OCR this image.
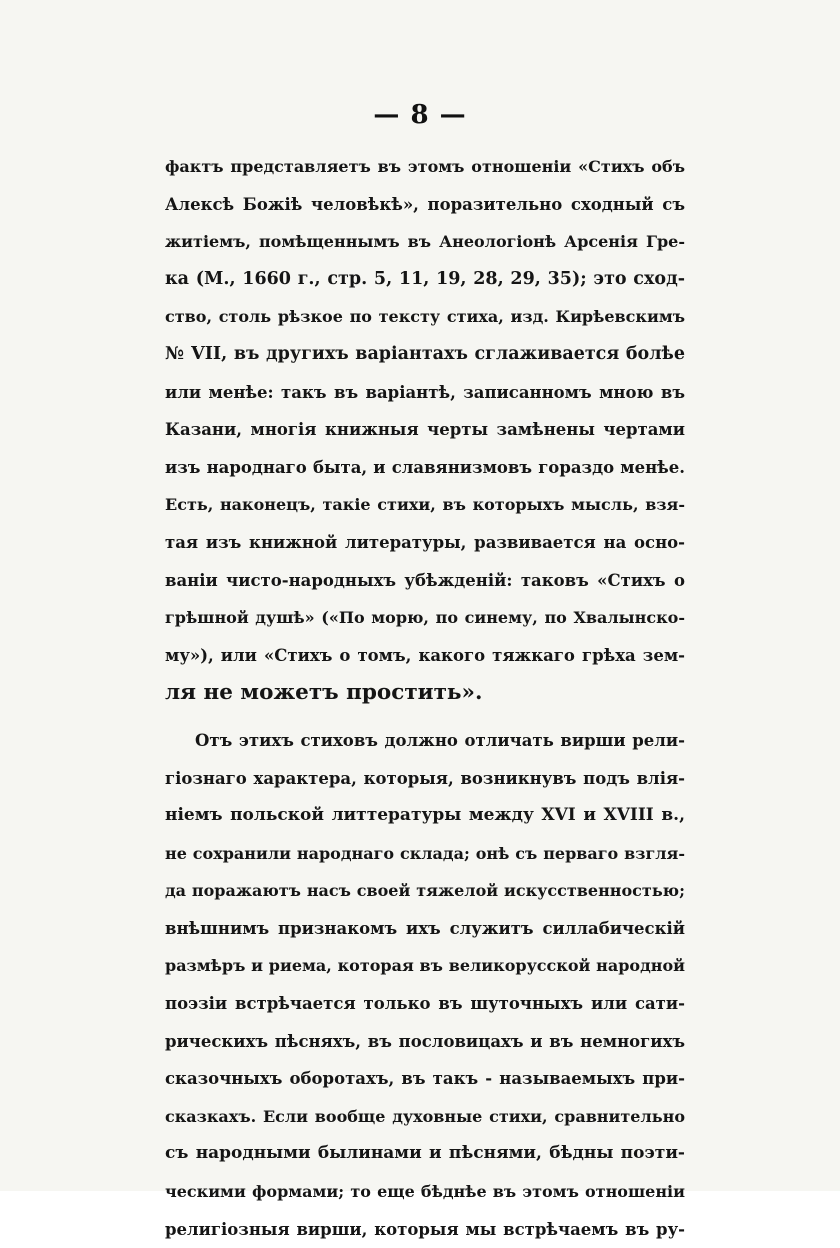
— 8 —
фактъ представляетъ въ этомъ отношенiи «Стихъ объ
Алексѣ Божiѣ человѣкѣ», поразительно сходный съ
житiемъ, помѣщеннымъ въ Анеологiонѣ Арсенiя Гре-
ка (М., 1660 г., стр. 5, 11, 19, 28, 29, 35); это сход-
ство, столь рѣзкое по тексту стиха, изд. Кирѣевскимъ
№ VII, въ другихъ варiантахъ сглаживается болѣе
или менѣе: такъ въ варiантѣ, записанномъ мною въ
Казани, многiя книжныя черты замѣнены чертами
изъ народнаго быта, и славянизмовъ гораздо менѣе.
Есть, наконецъ, такiе стихи, въ которыхъ мысль, взя-
тая изъ книжной литературы, развивается на осно-
ванiи чисто-народныхъ убѣжденiй: таковъ «Стихъ о
грѣшной душѣ» («По морю, по синему, по Хвалынско-
му»), или «Стихъ о томъ, какого тяжкаго грѣха зем-
ля не можетъ простить».
Отъ этихъ стиховъ должно отличать вирши рели-
гiознаго характера, которыя, возникнувъ подъ влiя-
нiемъ польской литтературы между XVI и XVIII в.,
не сохранили народнаго склада; онѣ съ перваго взгля-
да поражаютъ насъ своей тяжелой искусственностью;
внѣшнимъ признакомъ ихъ служитъ силлабическiй
размѣръ и риема, которая въ великорусской народной
поэзiи встрѣчается только въ шуточныхъ или сати-
рическихъ пѣсняхъ, въ пословицахъ и въ немногихъ
сказочныхъ оборотахъ, въ такъ - называемыхъ при-
сказкахъ. Если вообще духовные стихи, сравнительно
съ народными былинами и пѣснями, бѣдны поэти-
ческими формами; то еще бѣднѣе въ этомъ отношенiи
религiозныя вирши, которыя мы встрѣчаемъ въ ру-
